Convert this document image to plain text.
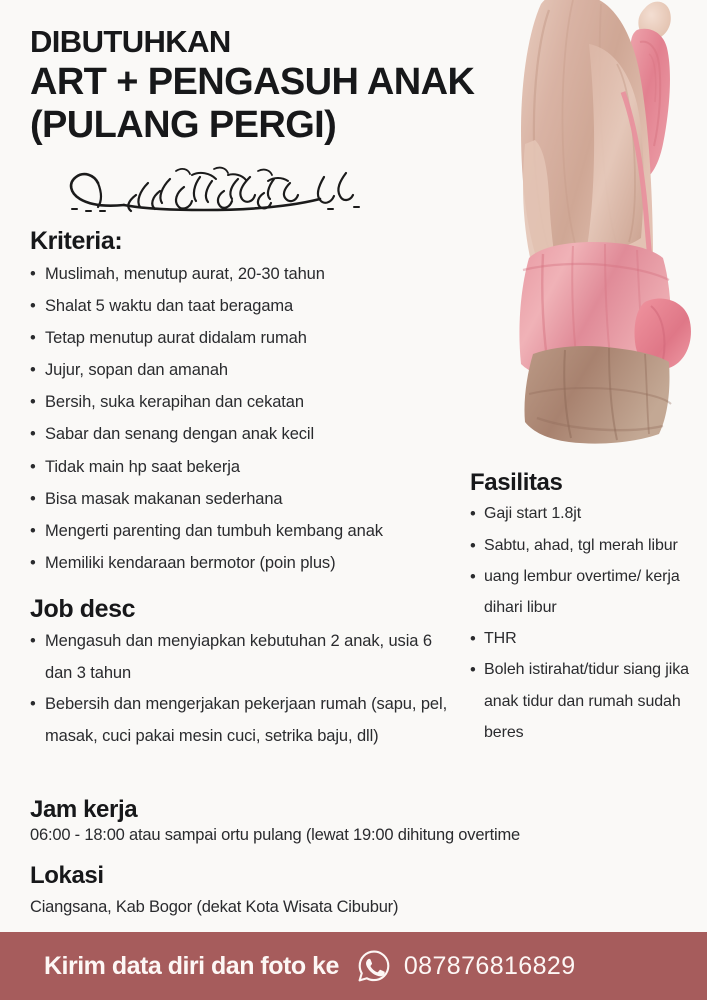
DIBUTUHKAN
ART + PENGASUH ANAK
(PULANG PERGI)
Kriteria:
• Muslimah, menutup aurat, 20-30 tahun
• Shalat 5 waktu dan taat beragama
• Tetap menutup aurat didalam rumah
• Jujur, sopan dan amanah
• Bersih, suka kerapihan dan cekatan
• Sabar dan senang dengan anak kecil
• Tidak main hp saat bekerja
• Bisa masak makanan sederhana
• Mengerti parenting dan tumbuh kembang anak
• Memiliki kendaraan bermotor (poin plus)
Job desc
• Mengasuh dan menyiapkan kebutuhan 2 anak, usia 6 dan 3 tahun
• Bebersih dan mengerjakan pekerjaan rumah (sapu, pel, masak, cuci pakai mesin cuci, setrika baju, dll)
Fasilitas
• Gaji start 1.8jt
• Sabtu, ahad, tgl merah libur
• uang lembur overtime/ kerja dihari libur
• THR
• Boleh istirahat/tidur siang jika anak tidur dan rumah sudah beres
Jam kerja
06:00 - 18:00 atau sampai ortu pulang (lewat 19:00 dihitung overtime
Lokasi
Ciangsana, Kab Bogor (dekat Kota Wisata Cibubur)
Kirim data diri dan foto ke	087876816829
